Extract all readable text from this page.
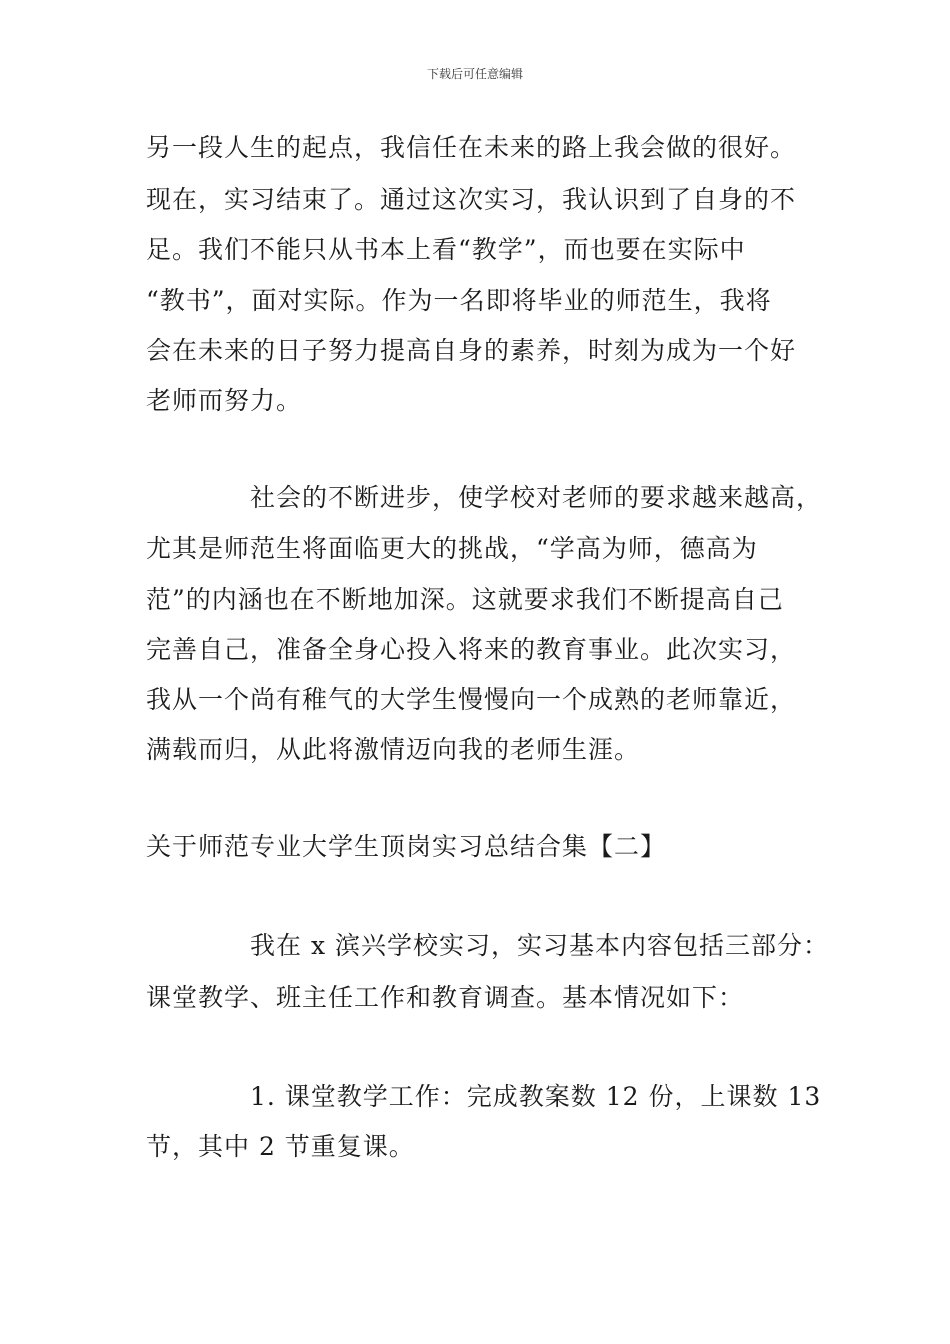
下载后可任意编辑
另一段人生的起点，我信任在未来的路上我会做的很好。
现在，实习结束了。通过这次实习，我认识到了自身的不
足。我们不能只从书本上看“教学”，而也要在实际中
“教书”，面对实际。作为一名即将毕业的师范生，我将
会在未来的日子努力提高自身的素养，时刻为成为一个好
老师而努力。
社会的不断进步，使学校对老师的要求越来越高，
尤其是师范生将面临更大的挑战，“学高为师，德高为
范”的内涵也在不断地加深。这就要求我们不断提高自己
完善自己，准备全身心投入将来的教育事业。此次实习，
我从一个尚有稚气的大学生慢慢向一个成熟的老师靠近，
满载而归，从此将激情迈向我的老师生涯。
关于师范专业大学生顶岗实习总结合集【二】
我在 x 滨兴学校实习，实习基本内容包括三部分：
课堂教学、班主任工作和教育调查。基本情况如下：
1. 课堂教学工作：完成教案数 12 份，上课数 13
节，其中 2 节重复课。
